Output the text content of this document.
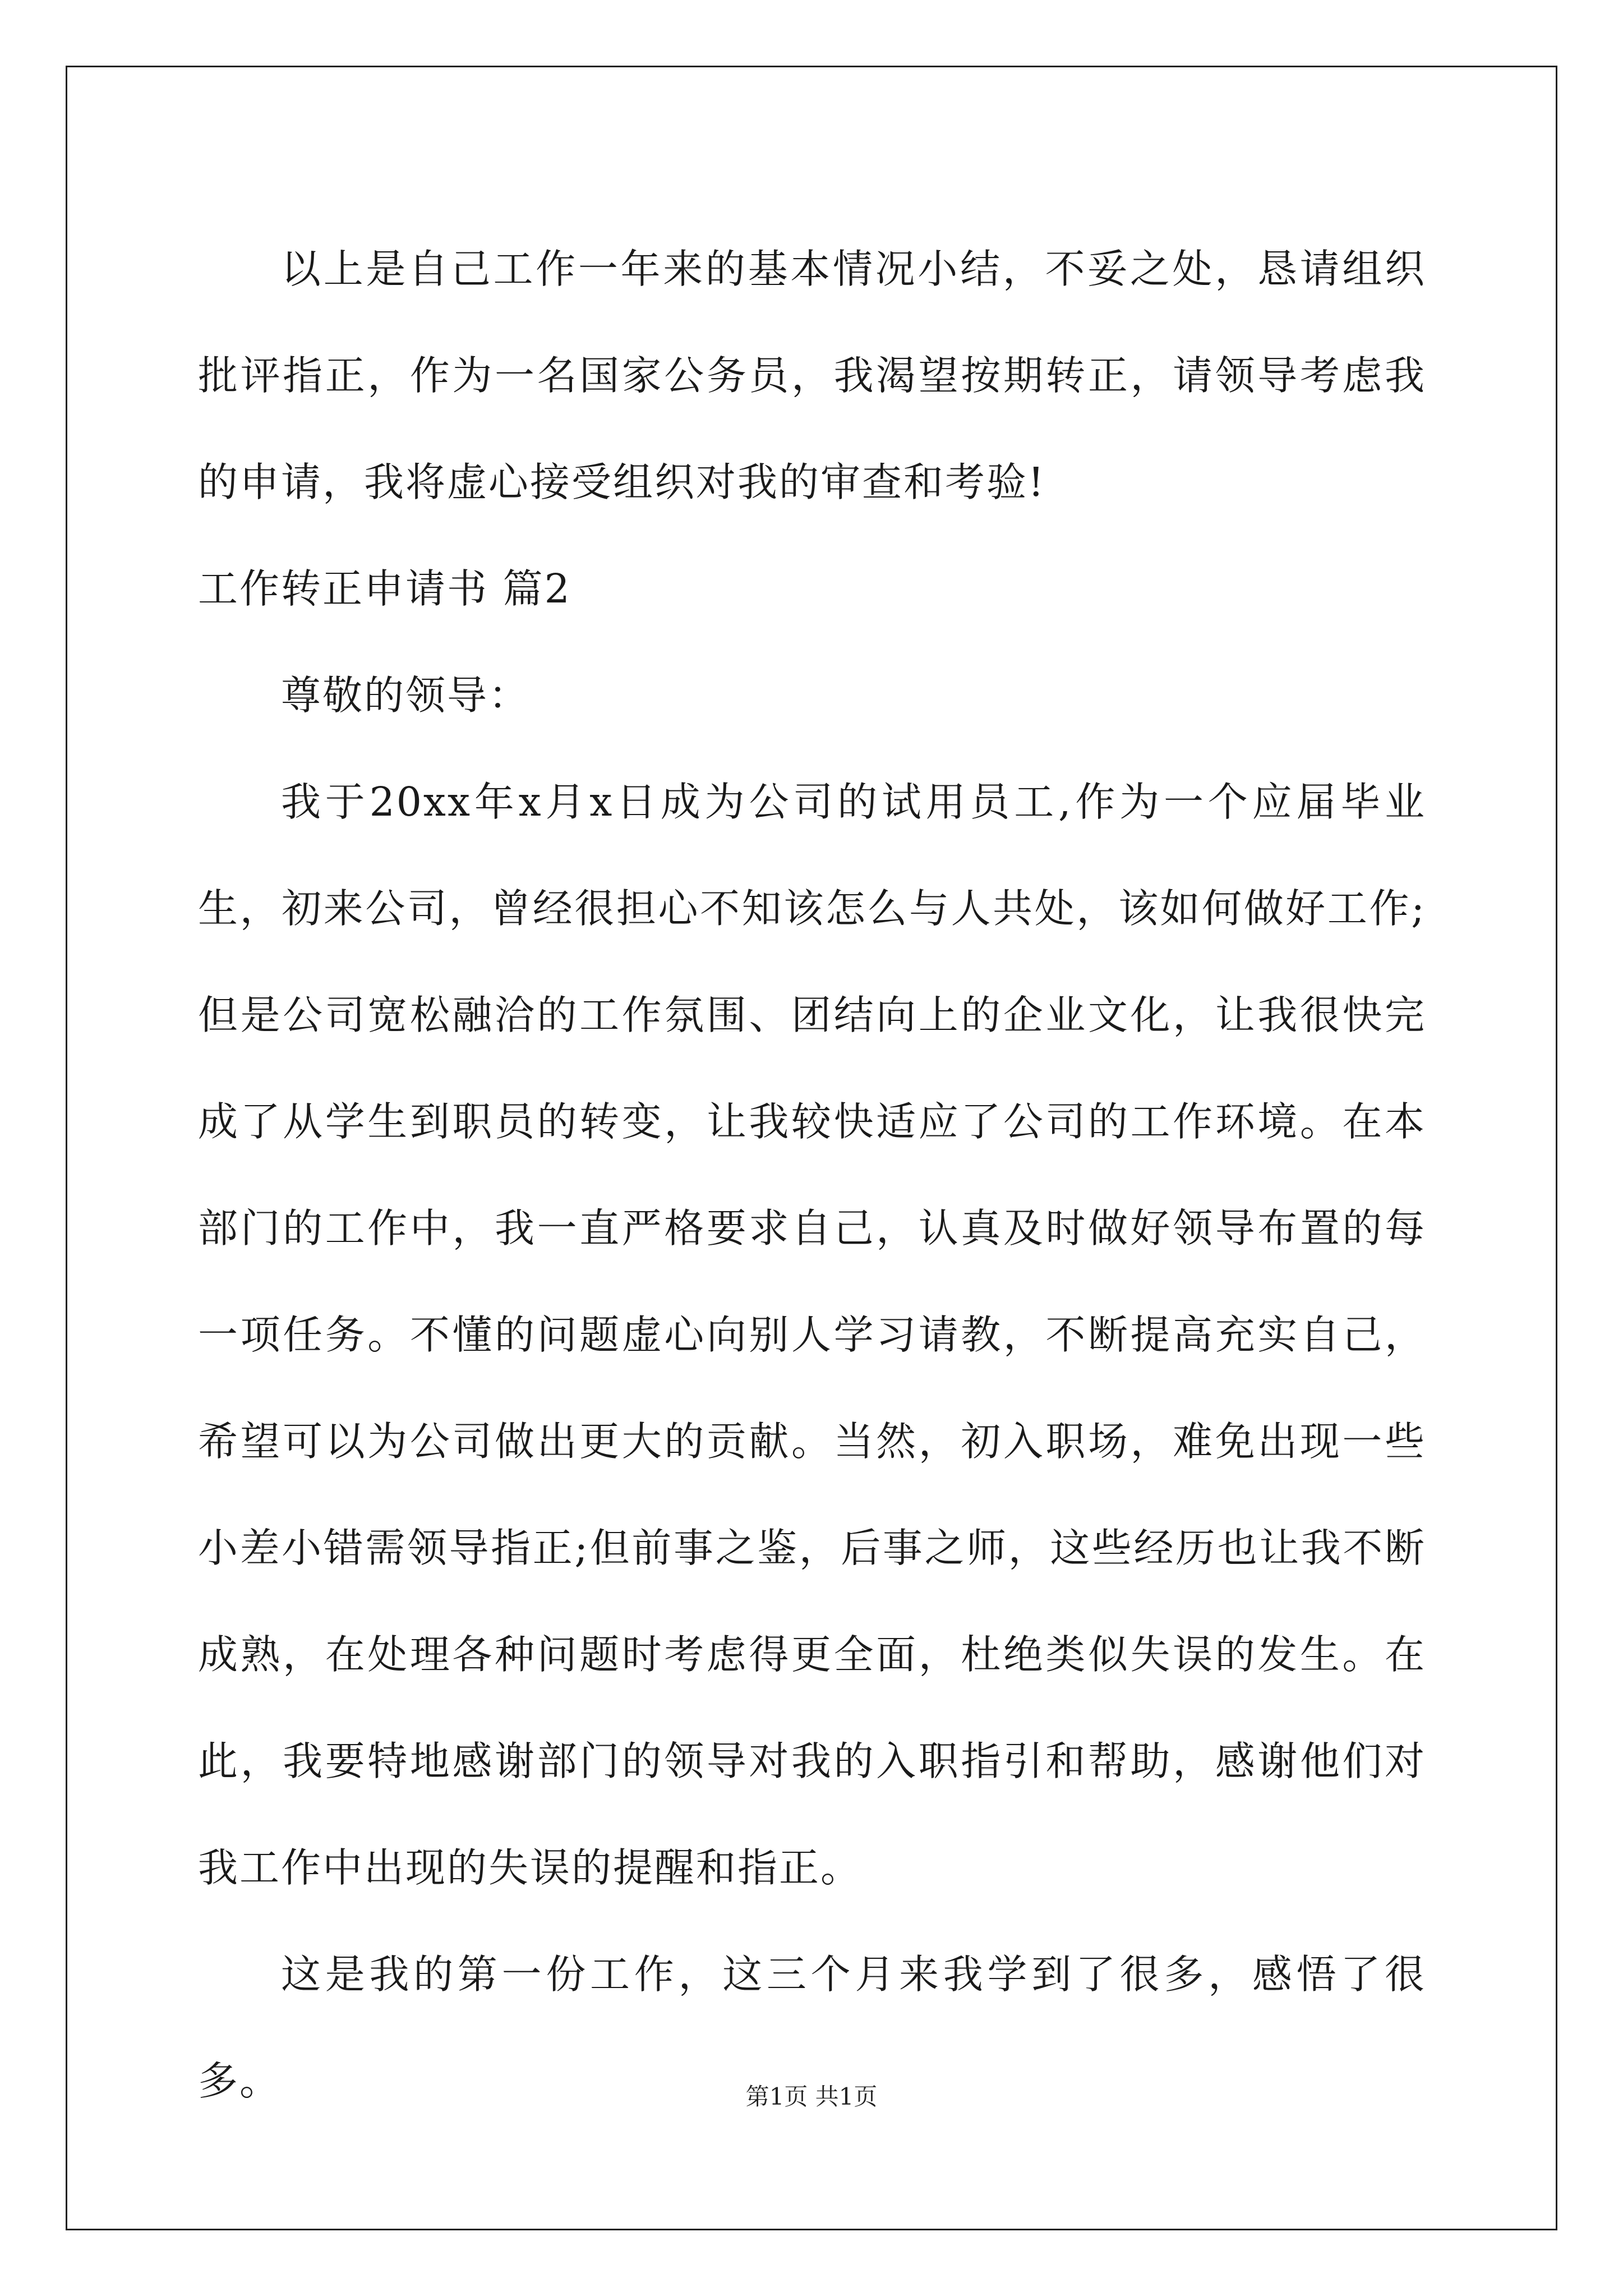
以上是自己工作一年来的基本情况小结，不妥之处，恳请组织批评指正，作为一名国家公务员，我渴望按期转正，请领导考虑我的申请，我将虚心接受组织对我的审查和考验!

工作转正申请书 篇2

尊敬的领导：

我于20xx年x月x日成为公司的试用员工,作为一个应届毕业生，初来公司，曾经很担心不知该怎么与人共处，该如何做好工作;但是公司宽松融洽的工作氛围、团结向上的企业文化，让我很快完成了从学生到职员的转变，让我较快适应了公司的工作环境。在本部门的工作中，我一直严格要求自己，认真及时做好领导布置的每一项任务。不懂的问题虚心向别人学习请教，不断提高充实自己，希望可以为公司做出更大的贡献。当然，初入职场，难免出现一些小差小错需领导指正;但前事之鉴，后事之师，这些经历也让我不断成熟，在处理各种问题时考虑得更全面，杜绝类似失误的发生。在此，我要特地感谢部门的领导对我的入职指引和帮助，感谢他们对我工作中出现的失误的提醒和指正。

这是我的第一份工作，这三个月来我学到了很多，感悟了很多。	第1页 共1页
